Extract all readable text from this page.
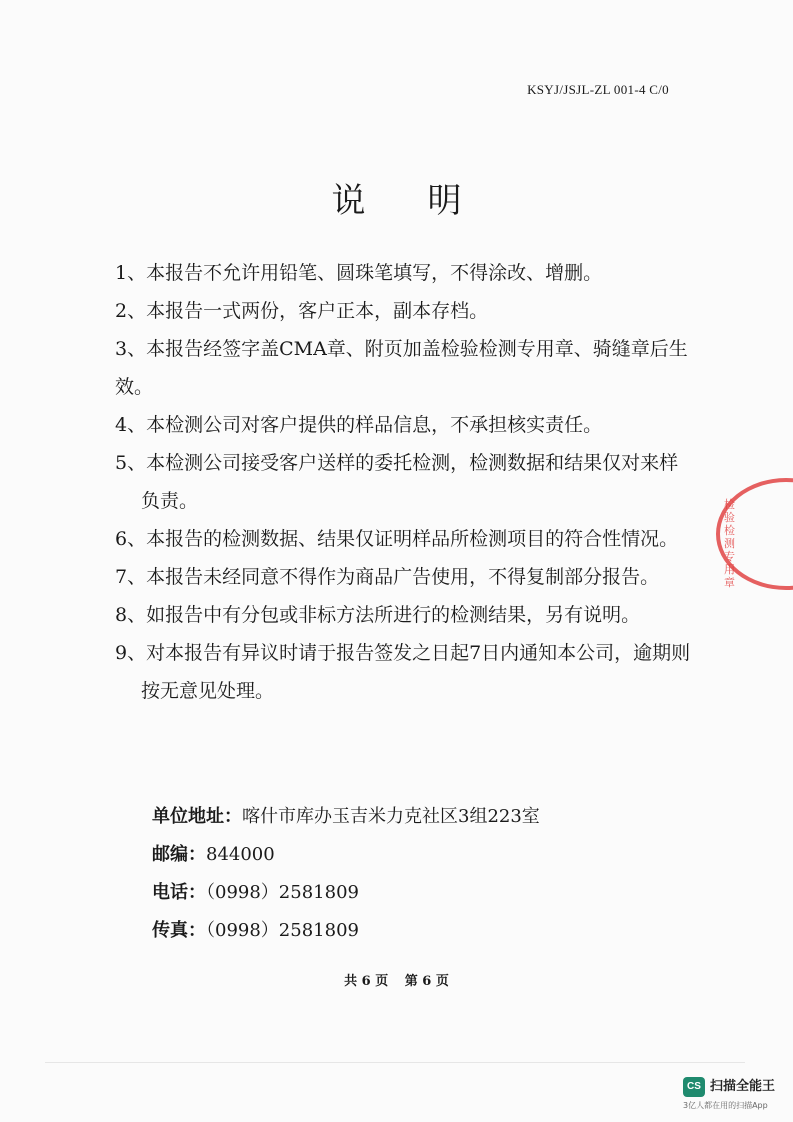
KSYJ/JSJL-ZL 001-4 C/0
说明

1、本报告不允许用铅笔、圆珠笔填写，不得涂改、增删。

2、本报告一式两份，客户正本，副本存档。

3、本报告经签字盖CMA章、附页加盖检验检测专用章、骑缝章后生效。

4、本检测公司对客户提供的样品信息，不承担核实责任。

5、本检测公司接受客户送样的委托检测，检测数据和结果仅对来样
负责。

6、本报告的检测数据、结果仅证明样品所检测项目的符合性情况。

7、本报告未经同意不得作为商品广告使用，不得复制部分报告。

8、如报告中有分包或非标方法所进行的检测结果，另有说明。

9、对本报告有异议时请于报告签发之日起7日内通知本公司，逾期则
按无意见处理。

单位地址：喀什市库办玉吉米力克社区3组223室
邮编：844000
电话：（0998）2581809
传真：（0998）2581809
共 6 页 第 6 页
检验检测专用章
CS 扫描全能王
3亿人都在用的扫描App
